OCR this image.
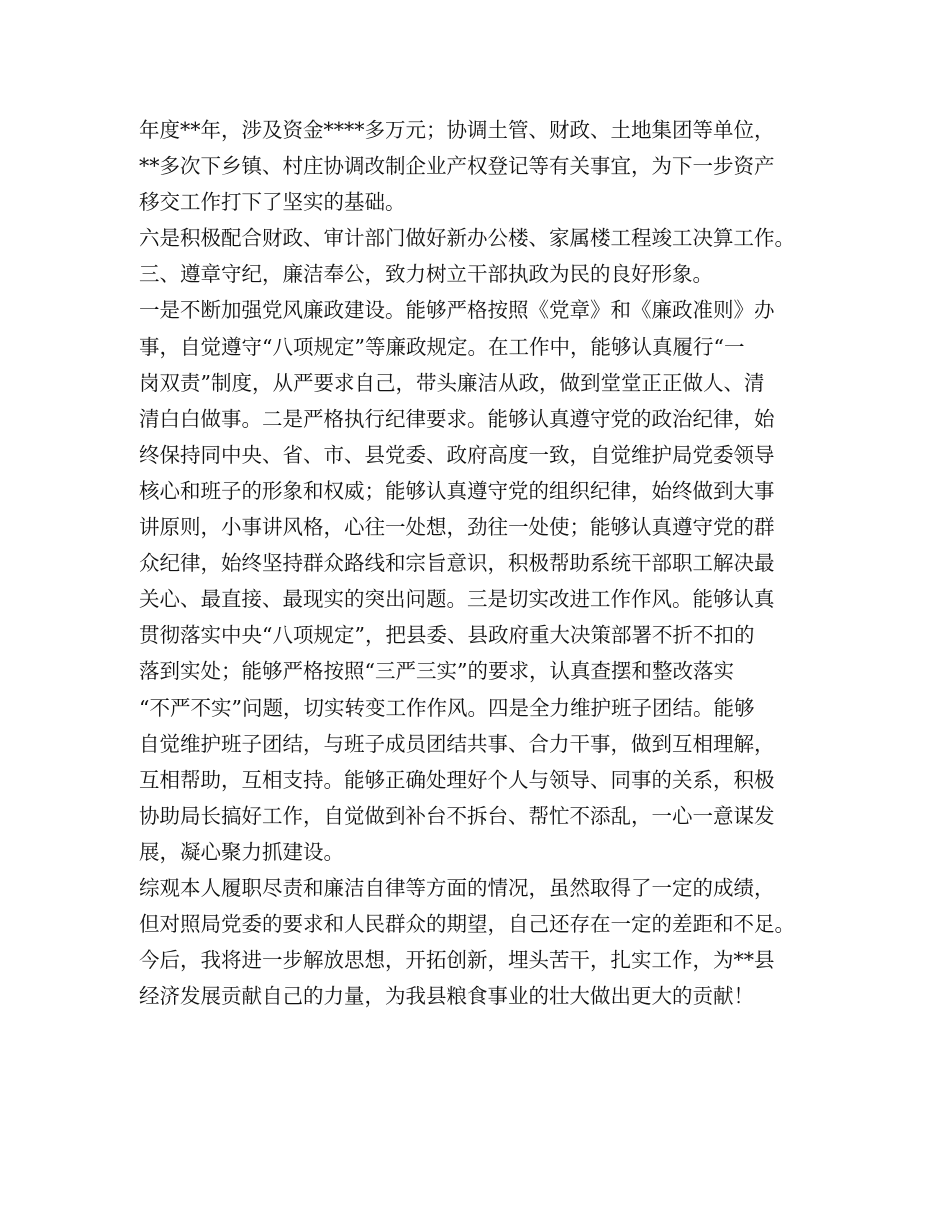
年度**年，涉及资金****多万元；协调土管、财政、土地集团等单位，
**多次下乡镇、村庄协调改制企业产权登记等有关事宜，为下一步资产
移交工作打下了坚实的基础。
六是积极配合财政、审计部门做好新办公楼、家属楼工程竣工决算工作。
三、遵章守纪，廉洁奉公，致力树立干部执政为民的良好形象。
一是不断加强党风廉政建设。能够严格按照《党章》和《廉政准则》办
事，自觉遵守“八项规定”等廉政规定。在工作中，能够认真履行“一
岗双责”制度，从严要求自己，带头廉洁从政，做到堂堂正正做人、清
清白白做事。二是严格执行纪律要求。能够认真遵守党的政治纪律，始
终保持同中央、省、市、县党委、政府高度一致，自觉维护局党委领导
核心和班子的形象和权威；能够认真遵守党的组织纪律，始终做到大事
讲原则，小事讲风格，心往一处想，劲往一处使；能够认真遵守党的群
众纪律，始终坚持群众路线和宗旨意识，积极帮助系统干部职工解决最
关心、最直接、最现实的突出问题。三是切实改进工作作风。能够认真
贯彻落实中央“八项规定”，把县委、县政府重大决策部署不折不扣的
落到实处；能够严格按照“三严三实”的要求，认真查摆和整改落实
“不严不实”问题，切实转变工作作风。四是全力维护班子团结。能够
自觉维护班子团结，与班子成员团结共事、合力干事，做到互相理解，
互相帮助，互相支持。能够正确处理好个人与领导、同事的关系，积极
协助局长搞好工作，自觉做到补台不拆台、帮忙不添乱，一心一意谋发
展，凝心聚力抓建设。
综观本人履职尽责和廉洁自律等方面的情况，虽然取得了一定的成绩，
但对照局党委的要求和人民群众的期望，自己还存在一定的差距和不足。
今后，我将进一步解放思想，开拓创新，埋头苦干，扎实工作，为**县
经济发展贡献自己的力量，为我县粮食事业的壮大做出更大的贡献！
